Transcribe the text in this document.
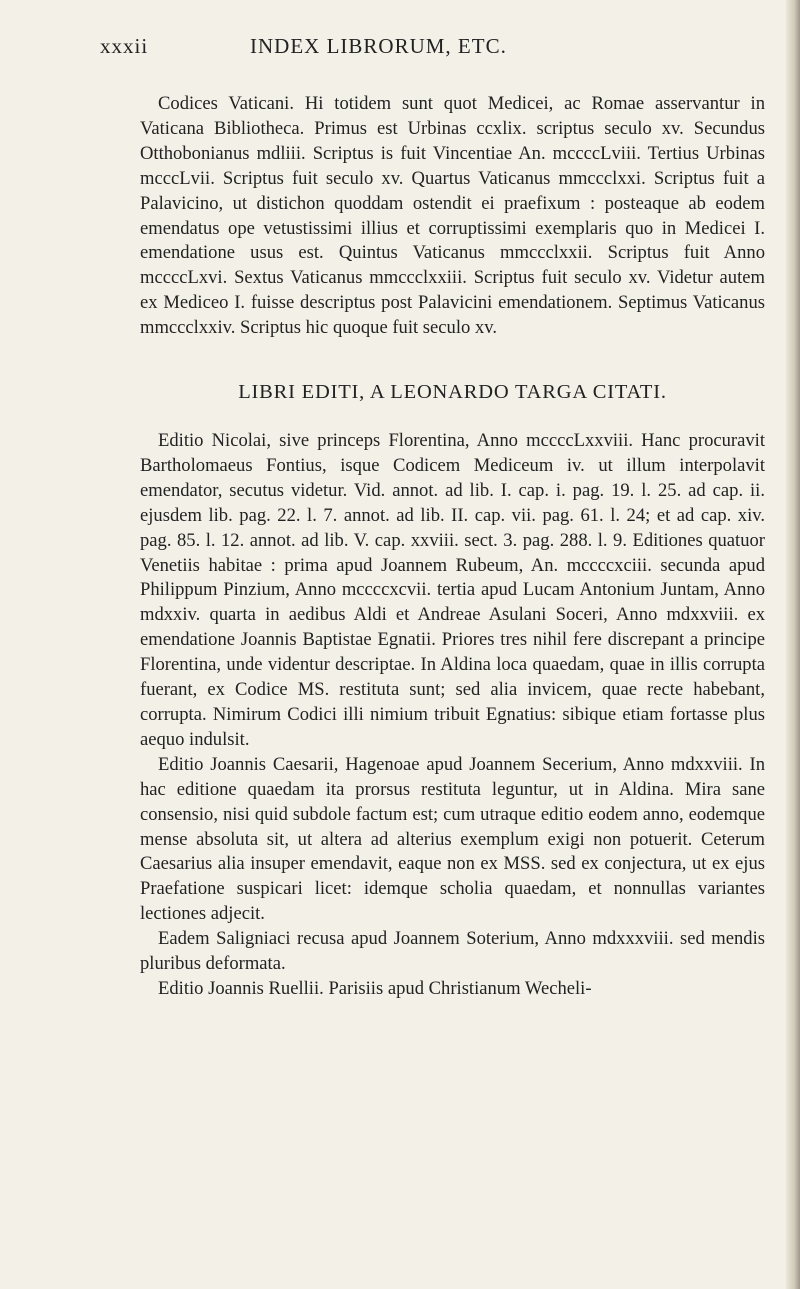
xxxii	INDEX LIBRORUM, ETC.

Codices Vaticani. Hi totidem sunt quot Medicei, ac Romae asservantur in Vaticana Bibliotheca. Primus est Urbinas ccxlix. scriptus seculo xv. Secundus Otthobonianus mdliii. Scriptus is fuit Vincentiae An. mccccLviii. Tertius Urbinas mcccLvii. Scriptus fuit seculo xv. Quartus Vaticanus mmccclxxi. Scriptus fuit a Palavicino, ut distichon quoddam ostendit ei praefixum : posteaque ab eodem emendatus ope vetustissimi illius et corruptissimi exemplaris quo in Medicei I. emendatione usus est. Quintus Vaticanus mmccclxxii. Scriptus fuit Anno mccccLxvi. Sextus Vaticanus mmccclxxiii. Scriptus fuit seculo xv. Videtur autem ex Mediceo I. fuisse descriptus post Palavicini emendationem. Septimus Vaticanus mmccclxxiv. Scriptus hic quoque fuit seculo xv.

LIBRI EDITI, A LEONARDO TARGA CITATI.

Editio Nicolai, sive princeps Florentina, Anno mccccLxxviii. Hanc procuravit Bartholomaeus Fontius, isque Codicem Mediceum iv. ut illum interpolavit emendator, secutus videtur. Vid. annot. ad lib. I. cap. i. pag. 19. l. 25. ad cap. ii. ejusdem lib. pag. 22. l. 7. annot. ad lib. II. cap. vii. pag. 61. l. 24; et ad cap. xiv. pag. 85. l. 12. annot. ad lib. V. cap. xxviii. sect. 3. pag. 288. l. 9. Editiones quatuor Venetiis habitae : prima apud Joannem Rubeum, An. mccccxciii. secunda apud Philippum Pinzium, Anno mccccxcvii. tertia apud Lucam Antonium Juntam, Anno mdxxiv. quarta in aedibus Aldi et Andreae Asulani Soceri, Anno mdxxviii. ex emendatione Joannis Baptistae Egnatii. Priores tres nihil fere discrepant a principe Florentina, unde videntur descriptae. In Aldina loca quaedam, quae in illis corrupta fuerant, ex Codice MS. restituta sunt; sed alia invicem, quae recte habebant, corrupta. Nimirum Codici illi nimium tribuit Egnatius: sibique etiam fortasse plus aequo indulsit.

Editio Joannis Caesarii, Hagenoae apud Joannem Secerium, Anno mdxxviii. In hac editione quaedam ita prorsus restituta leguntur, ut in Aldina. Mira sane consensio, nisi quid subdole factum est; cum utraque editio eodem anno, eodemque mense absoluta sit, ut altera ad alterius exemplum exigi non potuerit. Ceterum Caesarius alia insuper emendavit, eaque non ex MSS. sed ex conjectura, ut ex ejus Praefatione suspicari licet: idemque scholia quaedam, et nonnullas variantes lectiones adjecit.

Eadem Saligniaci recusa apud Joannem Soterium, Anno mdxxxviii. sed mendis pluribus deformata.

Editio Joannis Ruellii. Parisiis apud Christianum Wecheli-
